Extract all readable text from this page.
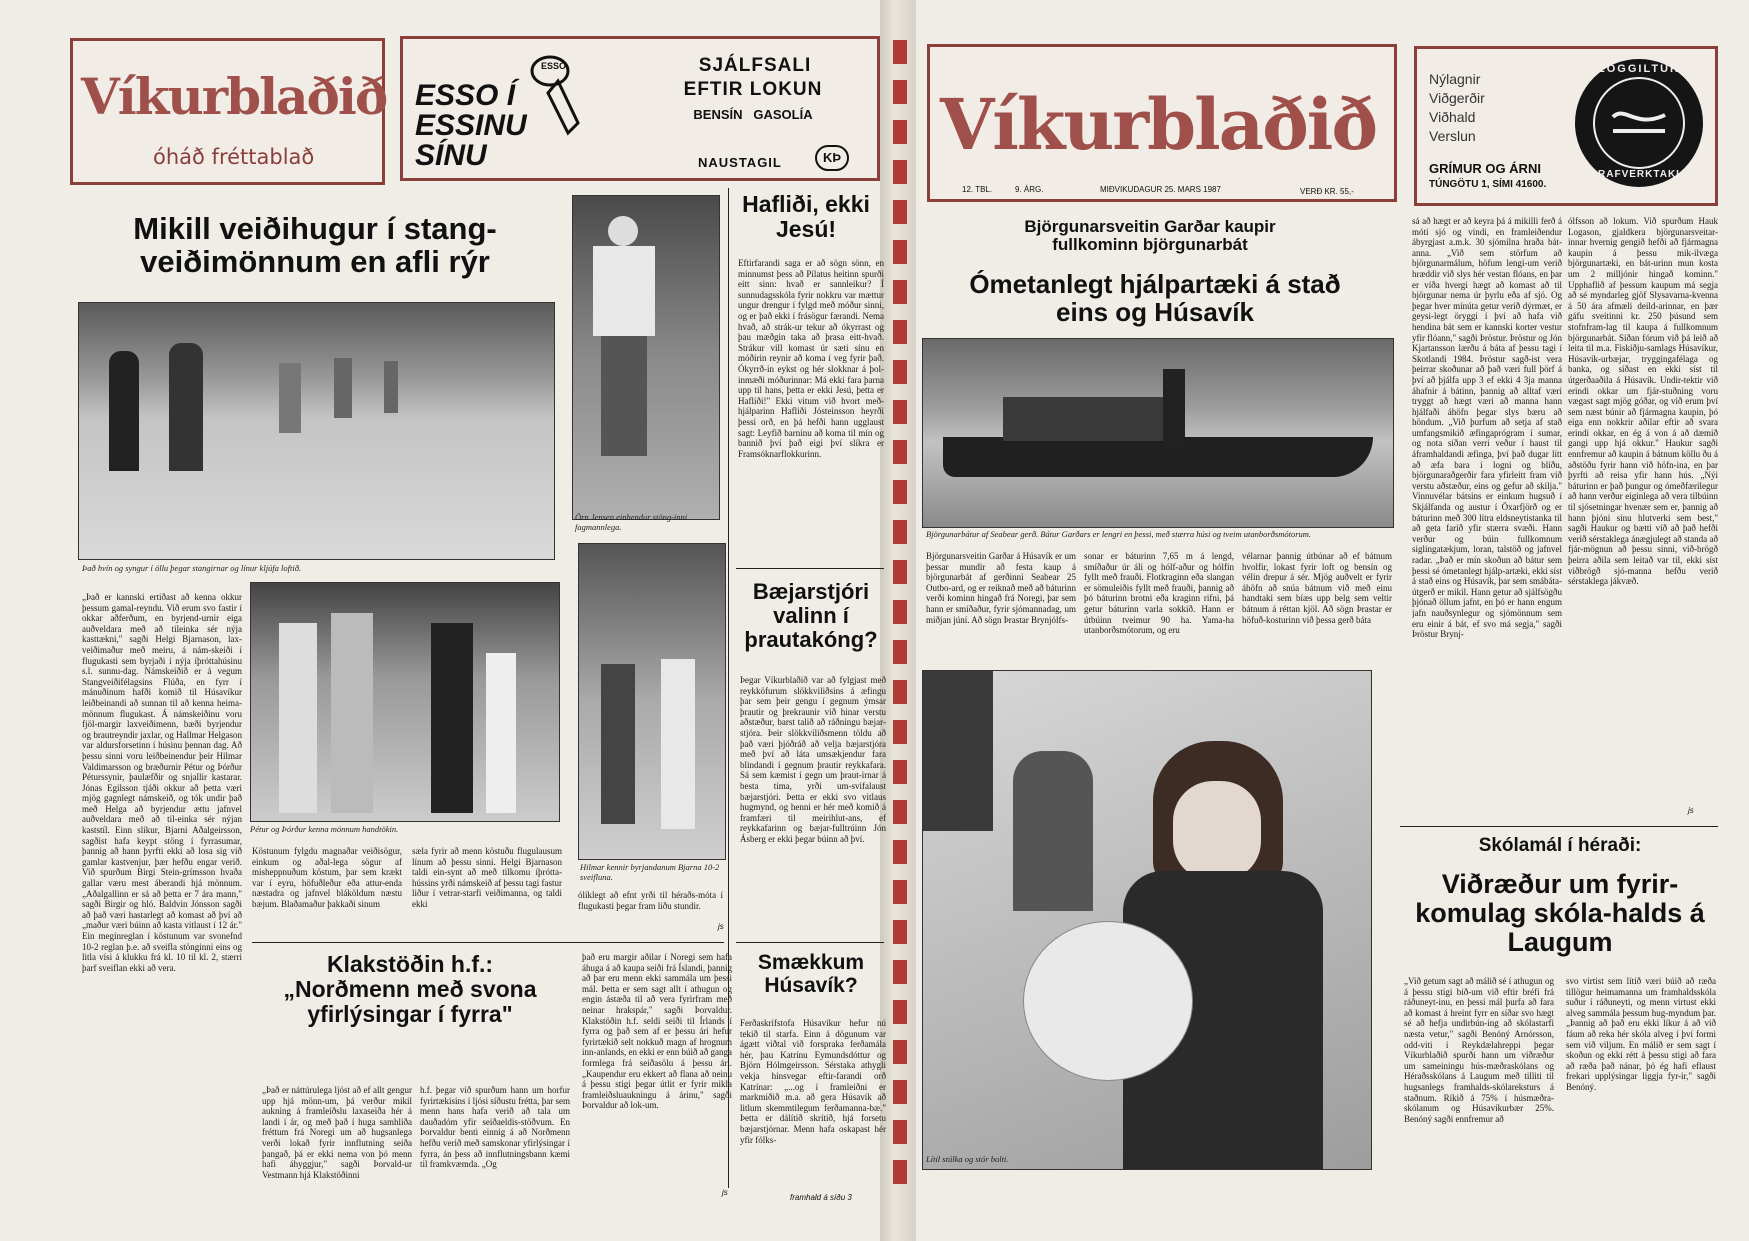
Víkurblaðið
óháð fréttablað
ESSO Í ESSINU SÍNU
ESSO	SJÁLFSALI
EFTIR LOKUN
BENSÍN   GASOLÍA
NAUSTAGIL	KÞ
Mikill veiðihugur í stang-veiðimönnum en afli rýr
Það hvín og syngur í öllu þegar stangirnar og línur kljúfa loftið.
Örn Jensen einhendur stöng-inni fagmannlega.
Pétur og Þórður kenna mönnum handtökin.
Hilmar kennir byrjandanum Bjarna 10-2 sveifluna.
„Það er kannski ertiðast að kenna okkur þessum gamal-reyndu. Við erum svo fastir í okkar aðferðum, en byrjend-urnir eiga auðveldara með að tileinka sér nýja kasttækni," sagði Helgi Bjarnason, lax-veiðimaður með meiru, á nám-skeiði í flugukasti sem byrjaði í nýja íþróttahúsinu s.l. sunnu-dag. Námskeiðið er á vegum Stangveiðifélagsins Flúða, en fyrr í mánuðinum hafði komið til Húsavíkur leiðbeinandi að sunnan til að kenna heima-mönnum flugukast. Á námskeiðinu voru fjöl-margir laxveiðimenn, bæði byrjendur og brautreyndir jaxlar, og Hallmar Helgason var aldursforsetinn í húsinu þennan dag. Að þessu sinni voru leiðbeinendur þeir Hilmar Valdimarsson og bræðurnir Pétur og Þórður Péturssynir, þaulæfðir og snjallir kastarar. Jónas Egilsson tjáði okkur að þetta væri mjög gagnlegt námskeið, og tók undir það með Helga að byrjendur ættu jafnvel auðveldara með að til-einka sér nýjan kaststíl. Einn slíkur, Bjarni Aðalgeirsson, sagðist hafa keypt stöng í fyrrasumar, þannig að hann þyrfti ekki að losa sig við gamlar kastvenjur, þær hefðu engar verið. Við spurðum Birgi Stein-grímsson hvaða gallar væru mest áberandi hjá mönnum. „Aðalgallinn er sá að þetta er 7 ára mann," sagði Birgir og hló. Baldvin Jónsson sagði að það væri hastarlegt að komast að því að „maður væri búinn að kasta vitlaust í 12 ár." Ein megínreglan í köstunum var svonefnd 10-2 reglan þ.e. að sveifla stönginni eins og litla vísi á klukku frá kl. 10 til kl. 2, stærri þarf sveiflan ekki að vera.
Köstunum fylgdu magnaðar veiðisögur, einkum og aðal-lega sögur af misheppnuðum köstum, þar sem krækt var í eyru, höfuðleður eða attur-enda næstadra og jafnvel bláköldum næstu bæjum. Blaðamaður þakkaði sinum
sæla fyrir að menn köstuðu flugulausum línum að þessu sinni. Helgi Bjarnason taldi ein-synt að með tilkomu íþrótta-hússins yrði námskeið af þessu tagi fastur liður í vetrar-starfi veiðimanna, og taldi ekki
ólíklegt að efnt yrði til héraðs-móta í flugukasti þegar fram liðu stundir.
js
Hafliði, ekki Jesú!
Eftirfarandi saga er að sögn sönn, en minnumst þess að Pílatus heitinn spurði eitt sinn: hvað er sannleikur? Í sunnudagsskóla fyrir nokkru var mættur ungur drengur í fylgd með móður sinni, og er það ekki í frásögur færandi. Nema hvað, að strák-ur tekur að ókyrrast og þau mæðgin taka að þrasa eitt-hvað. Strákur vill komast úr sæti sínu en móðirin reynir að koma í veg fyrir það. Ókyrrð-in eykst og hér slokknar á þol-inmæði móðurinnar: Má ekki fara þarna upp til hans, þetta er ekki Jesú, þetta er Hafliði!" Ekki vitum við hvort með-hjálparinn Hafliði Jósteinsson heyrði þessi orð, en þá hefði hann ugglaust sagt: Leyfið barninu að koma til mín og bannið því það eigi því slíkra er Framsóknarflokkurinn.
Bæjarstjóri valinn í þrautakóng?
Þegar Víkurblaðið var að fylgjast með reykköfurum slökkviliðsins á æfingu þar sem þeir gengu í gegnum ýmsar þrautir og þrekraunir við hinar verstu aðstæður, barst talið að ráðningu bæjar-stjóra. Þeir slökkviliðsmenn töldu að það væri þjóðráð að velja bæjarstjóra með því að láta umsækjendur fara blindandi í gegnum þrautir reykkafara. Sá sem kæmist í gegn um þraut-irnar á besta tíma, yrði um-svifalaust bæjarstjóri. Þetta er ekki svo vitlaus hugmynd, og henni er hér með komið á framfæri til meirihlut-ans, ef reykkafarinn og bæjar-fulltrúinn Jón Ásberg er ekki þegar búinn að því.
Smækkum Húsavík?
Ferðaskrifstofa Húsavíkur hefur nú tekið til starfa. Einn á dögunum var ágætt viðtal við forspraka ferðamála hér, þau Katrínu Eymundsdóttur og Björn Hólmgeirsson. Sérstaka athygli vekja hinsvegar eftir-farandi orð Katrínar: „...og í framleiðni er markmiðið m.a. að gera Húsavík að litlum skemmtilegum ferðamanna-bæ." Þetta er dálítið skrítið, hjá forsetu bæjarstjórnar. Menn hafa oskapast hér yfir fólks-
framhald á síðu 3
Klakstöðin h.f.: „Norðmenn með svona yfirlýsingar í fyrra"
„Það er náttúrulega ljóst að ef allt gengur upp hjá mönn-um, þá verður mikil aukning á framleiðslu laxaseiða hér á landi í ár, og með það í huga samhliða fréttum frá Noregi um að hugsanlega verði lokað fyrir innflutning seiða þangað, þá er ekki nema von þó menn hafi áhyggjur," sagði Þorvald-ur Vestmann hjá Klakstöðinni
h.f. þegar við spurðum hann um horfur fyrirtækisins í ljósi síðustu frétta, þar sem menn hans hafa verið að tala um dauðadóm yfir seiðaeldis-stöðvum. En Þorvaldur benti einnig á að Norðmenn hefðu verið með samskonar yfirlýsingar í fyrra, án þess að innflutningsbann kæmi til framkvæmda. „Og
það eru margir aðilar í Noregi sem hafa áhuga á að kaupa seiði frá Íslandi, þannig að þar eru menn ekki sammála um þessi mál. Þetta er sem sagt allt í athugun og engin ástæða til að vera fyrirfram með neinar hrakspár," sagði Þorvaldur. Klakstöðin h.f. seldi seiði til Írlands í fyrra og það sem af er þessu ári hefur fyrirtækið selt nokkuð magn af hrognum inn-anlands, en ekki er enn búið að ganga formlega frá seiðasölu á þessu ári. „Kaupendur eru ekkert að flana að neinu á þessu stigi þegar útlit er fyrir mikla framleiðsluaukningu á árinu," sagði Þorvaldur að lok-um.
js
Víkurblaðið
12. TBL.	9. ÁRG.	MIÐVIKUDAGUR 25. MARS 1987	VERÐ KR. 55,-
Nýlagnir
Viðgerðir
Viðhald
Verslun
GRÍMUR OG ÁRNI
TÚNGÖTU 1, SÍMI 41600.
LÖGGILTUR
RAFVERKTAKI
Björgunarsveitin Garðar kaupir fullkominn björgunarbát
Ómetanlegt hjálpartæki á stað eins og Húsavík
Björgunarbátur af Seabear gerð. Bátur Garðars er lengri en þessi, með stærra húsi og tveim utanborðsmótorum.
Björgunarsveitin Garðar á Húsavík er um þessar mundir að festa kaup á björgunarbát af gerðinni Seabear 25 Outbo-ard, og er reiknað með að báturinn verði kominn hingað frá Noregi, þar sem hann er smíðaður, fyrir sjómannadag, um miðjan júní. Að sögn Þrastar Brynjólfs-
sonar er báturinn 7,65 m á lengd, smíðaður úr áli og hólf-aður og hólfin fyllt með frauði. Flotkraginn eða slangan er sömuleiðis fyllt með frauði, þannig að þó báturinn brotni eða kraginn rifni, þá getur báturinn varla sokkið. Hann er útbúinn tveimur 90 ha. Yama-ha utanborðsmótorum, og eru
vélarnar þannig útbúnar að ef bátnum hvolfir, lokast fyrir loft og bensín og vélin drepur á sér. Mjög auðvelt er fyrir áhöfn að snúa bátnum við með einu handtaki sem bíæs upp belg sem veltir bátnum á réttan kjöl. Að sögn Þrastar er höfuð-kosturinn við þessa gerð báta
Lítil stúlka og stór bolti.
sá að hægt er að keyra þá á mikilli ferð á móti sjó og vindi, en framleiðendur ábyrgjast a.m.k. 30 sjómílna hraða bát-anna. „Við sem störfum að björgunarmálum, höfum lengi-um verið hræddir við slys hér vestan flóans, en þar er víða hvergi hægt að komast að til björgunar nema úr þyrlu eða af sjó. Og þegar hver mínúta getur verið dýrmæt, er geysi-legt öryggi í því að hafa við hendina bát sem er kannski korter vestur yfir flóann," sagði Þröstur. Þröstur og Jón Kjartansson lærðu á báta af þessu tagi í Skotlandi 1984. Þröstur sagð-ist vera þeirrar skoðunar að það væri full þörf á því að þjálfa upp 3 ef ekki 4 3ja manna áhafnir á bátinn, þannig að alltaf væri tryggt að hægt væri að manna hann hjálfaði áhöfn þegar slys bæru að höndum. „Við þurfum að setja af stað umfangsmikið æfingaprógram í sumar, og nota síðan verri veður í haust til áframhaldandi æfinga, því það dugar lítt að æfa bara í logni og blíðu, björgunaraðgerðir fara yfirleitt fram við verstu aðstæður, eins og gefur að skilja." Vinnuvélar bátsins er einkum hugsuð í Skjálfanda og austur í Öxarfjörð og er báturinn með 300 lítra eldsneytistanka til að geta farið yfir stærra svæði. Hann verður og búin fullkomnum siglingatækjum, loran, talstöð og jafnvel radar. „Það er mín skoðun að bátur sem þessi sé ómetanlegt hjálp-artæki, ekki síst á stað eins og Húsavík, þar sem smábáta-útgerð er mikil. Hann getur að sjálfsögðu þjónað öllum jafnt, en þó er hann engum jafn nauðsynlegur og sjómönnum sem eru einir á bát, ef svo má segja," sagði Þröstur Brynj-
ólfsson að lokum. Við spurðum Hauk Logason, gjaldkera björgunarsveitar-innar hvernig gengið hefði að fjármagna kaupin á þessu mik-ilvæga björgunartæki, en bát-urinn mun kosta um 2 milljónir hingað kominn." Upphaflið af þessum kaupum má segja að sé myndarleg gjöf Slysavarna-kvenna á 50 ára afmæli deild-arinnar, en þær gáfu sveitinni kr. 250 þúsund sem stofnfram-lag til kaupa á fullkomnum björgunarbát. Síðan fórum við þá leið að leita til m.a. Fiskiðju-samlags Húsavíkur, Húsavík-urbæjar, tryggingafélaga og banka, og síðast en ekki síst til útgerðaaðila á Húsavík. Undir-tektir við erindi okkar um fjár-stuðning voru vægast sagt mjög góðar, og við erum því sem næst búnir að fjármagna kaupin, þó eiga enn nokkrir aðilar eftir að svara erindi okkar, en ég á von á að dæmið gangi upp hjá okkur." Haukur sagði ennfremur að kaupin á bátnum köllu ðu á aðstöðu fyrir hann við höfn-ina, en þar þyrfti að reisa yfir hann hús. „Nýi báturinn er það þungur og ómeðfærilegur að hann verður eiginlega að vera tilbúinn til sjósetningar hvenær sem er, þannig að hann þjóni sínu hlutverki sem best," sagði Haukur og bætti við að það hefði verið sérstaklega ánægjulegt að standa að fjár-mögnun að þessu sinni, við-brögð þeirra aðila sem leitað var til, ekki síst viðbrögð sjó-manna hefðu verið sérstaklega jákvæð.
js
Skólamál í héraði:
Viðræður um fyrir-komulag skóla-halds á Laugum
„Við getum sagt að málið sé í athugun og á þessu stigi bið-um við eftir bréfi frá ráðuneyt-inu, en þessi mál þurfa að fara að komast á hreint fyrr en síðar svo hægt sé að hefja undirbún-ing að skólastarfi næsta vetur," sagði Benóný Arnórsson, odd-viti í Reykdælahreppi þegar Víkurblaðið spurði hann um viðræður um sameiningu hús-mæðraskólans og Héraðsskólans á Laugum með tilliti til hugsanlegs framhalds-skólareksturs á staðnum. Ríkið á 75% í húsmæðra-skólanum og Húsavíkurbær 25%. Benóný sagði ennfremur að
svo virtist sem lítið væri búið að ræða tillögur heimamanna um framhaldsskóla suður í ráðuneyti, og menn virtust ekki alveg sammála þessum hug-myndum þar. „Þannig að það eru ekki líkur á að við fáum að reka hér skóla alveg í því formi sem við viljum. En málið er sem sagt í skoðun og ekki rétt á þessu stigi að fara að ræða það nánar, þó ég hafi eflaust frekari upplýsingar liggja fyr-ir," sagði Benóný.
